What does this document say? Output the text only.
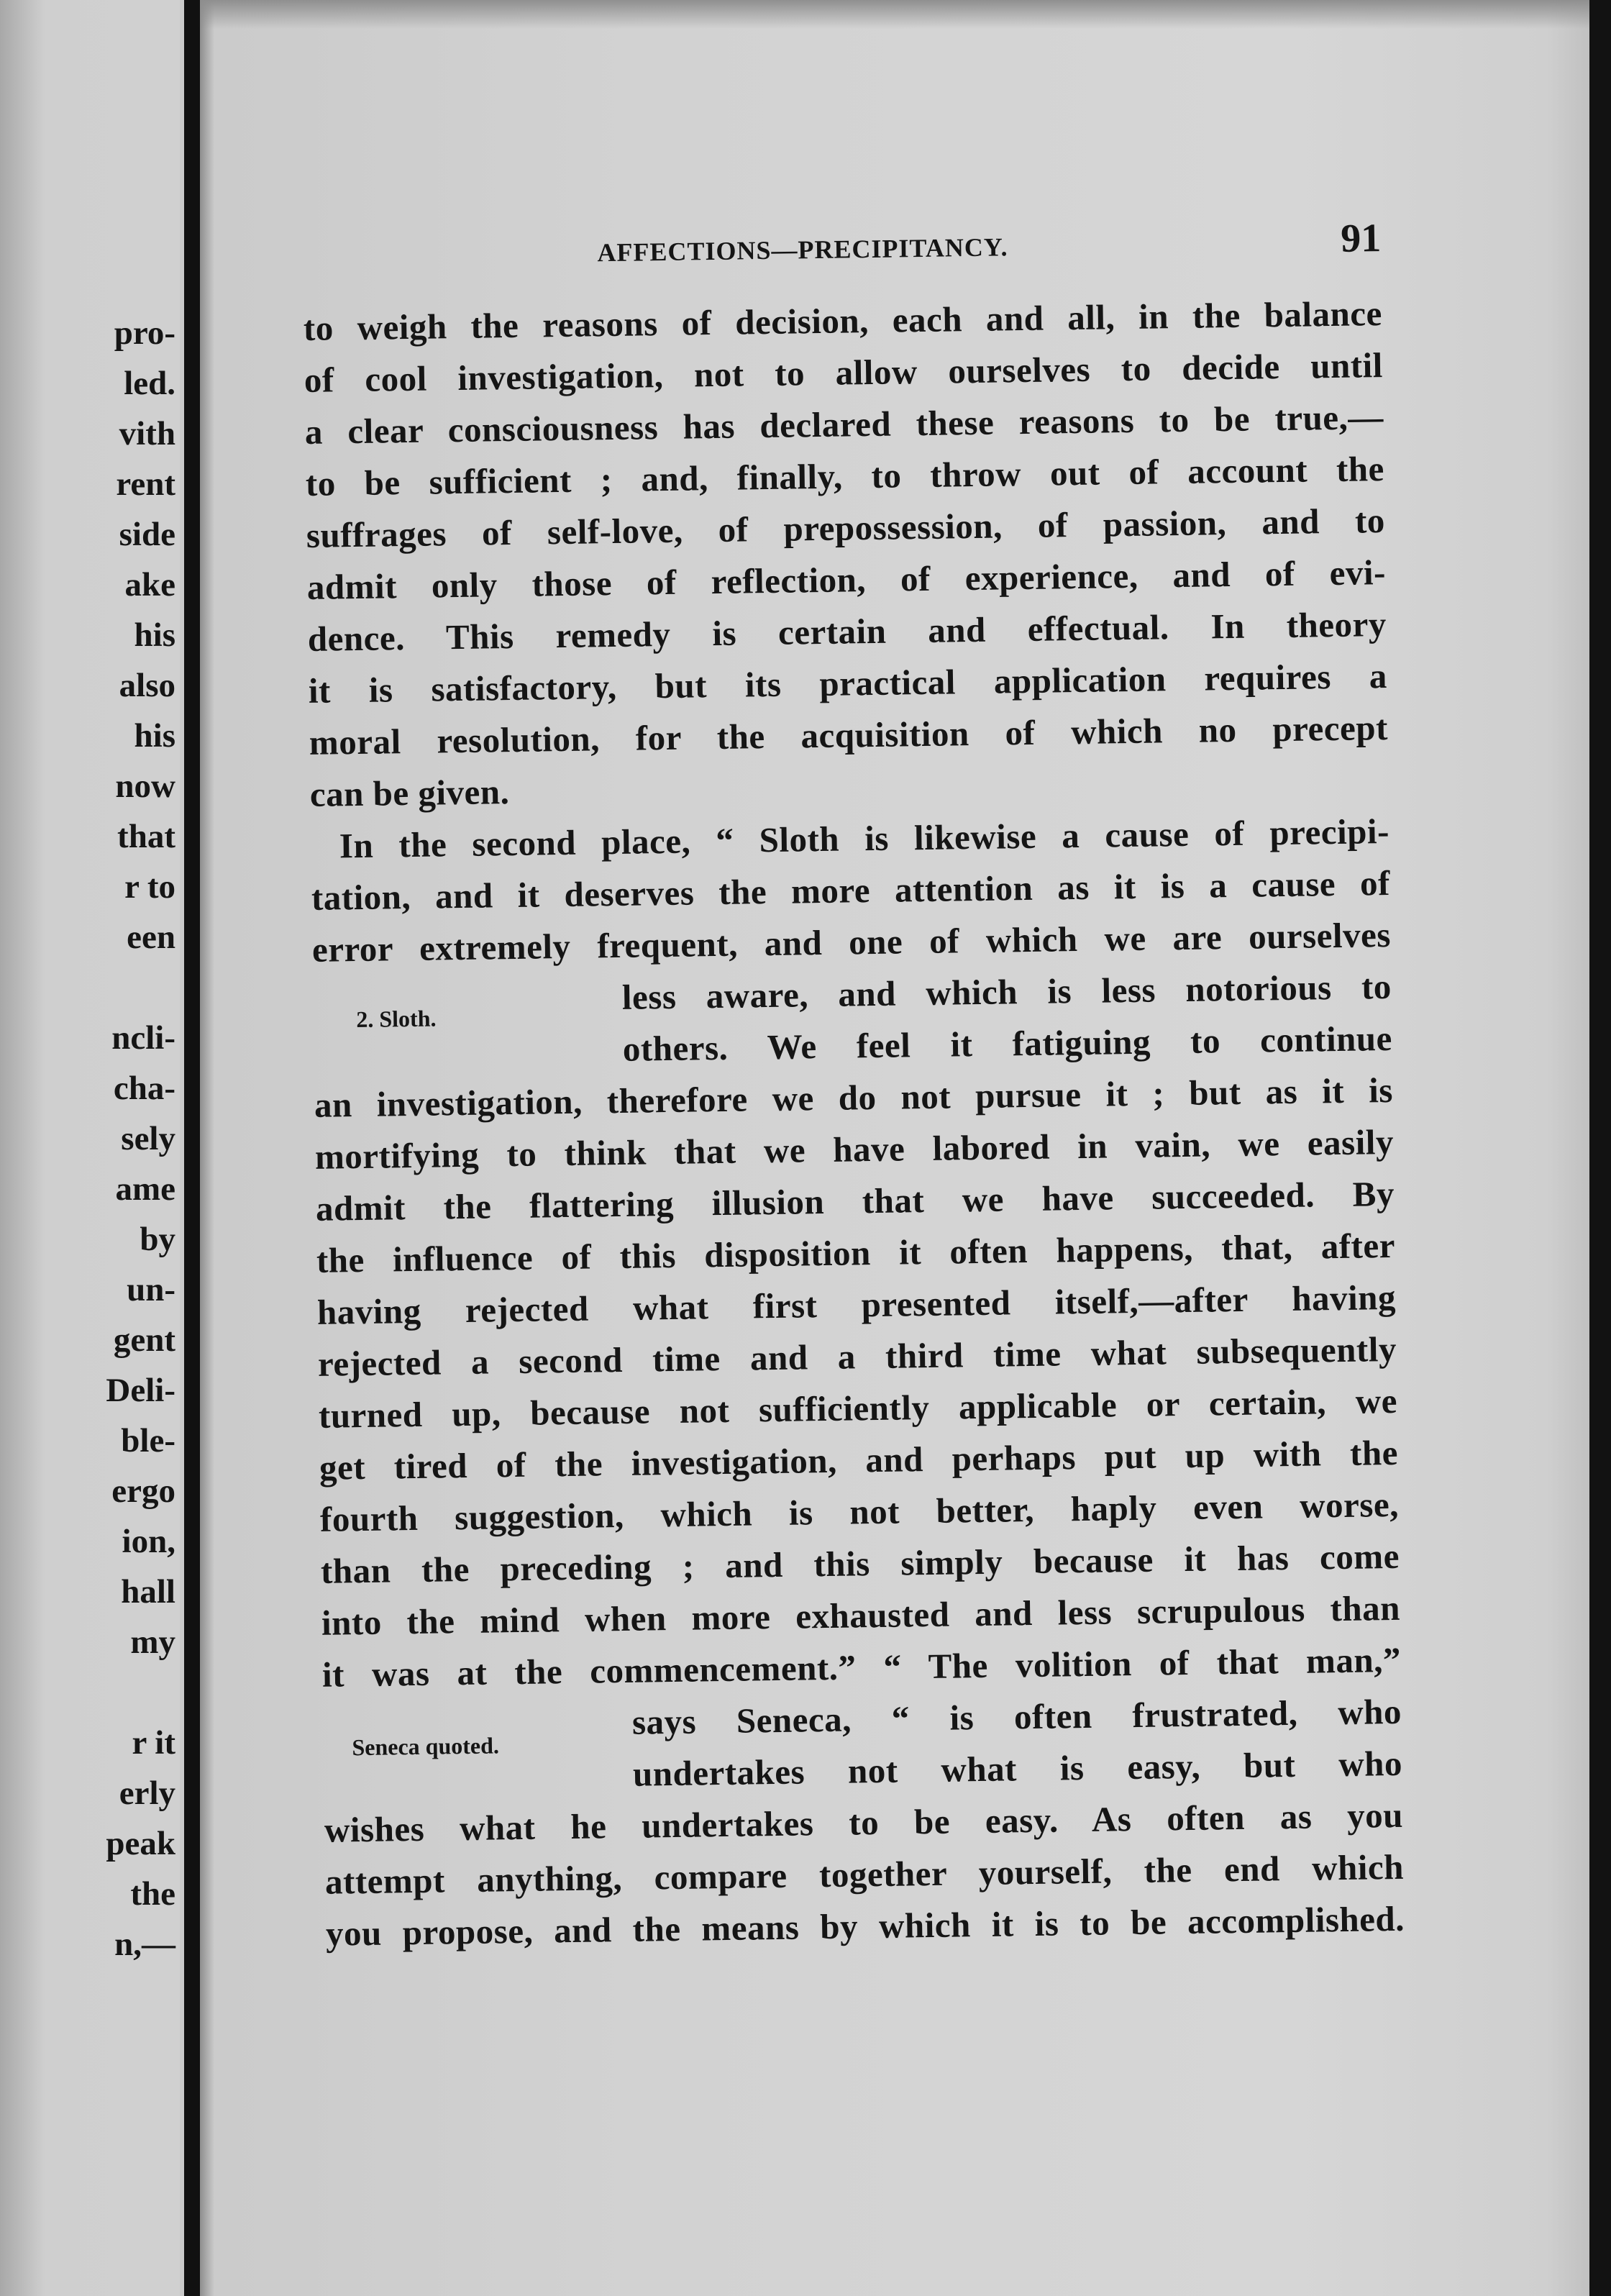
pro-
led.
vith
rent
side
ake
his
also
his
now
that
r to
een
ncli-
cha-
sely
ame
by
un-
gent
Deli-
ble-
ergo
ion,
hall
my
r it
erly
peak
the
n,—
AFFECTIONS—PRECIPITANCY.	91
to weigh the reasons of decision, each and all, in the balance
of cool investigation, not to allow ourselves to decide until
a clear consciousness has declared these reasons to be true,—
to be sufficient ; and, finally, to throw out of account the
suffrages of self-love, of prepossession, of passion, and to
admit only those of reflection, of experience, and of evi-
dence. This remedy is certain and effectual. In theory
it is satisfactory, but its practical application requires a
moral resolution, for the acquisition of which no precept
can be given.
In the second place, “ Sloth is likewise a cause of precipi-
tation, and it deserves the more attention as it is a cause of
error extremely frequent, and one of which we are ourselves
less aware, and which is less notorious to
2. Sloth.	others. We feel it fatiguing to continue
an investigation, therefore we do not pursue it ; but as it is
mortifying to think that we have labored in vain, we easily
admit the flattering illusion that we have succeeded. By
the influence of this disposition it often happens, that, after
having rejected what first presented itself,—after having
rejected a second time and a third time what subsequently
turned up, because not sufficiently applicable or certain, we
get tired of the investigation, and perhaps put up with the
fourth suggestion, which is not better, haply even worse,
than the preceding ; and this simply because it has come
into the mind when more exhausted and less scrupulous than
it was at the commencement.” “ The volition of that man,”
says Seneca, “ is often frustrated, who
Seneca quoted.	undertakes not what is easy, but who
wishes what he undertakes to be easy. As often as you
attempt anything, compare together yourself, the end which
you propose, and the means by which it is to be accomplished.
